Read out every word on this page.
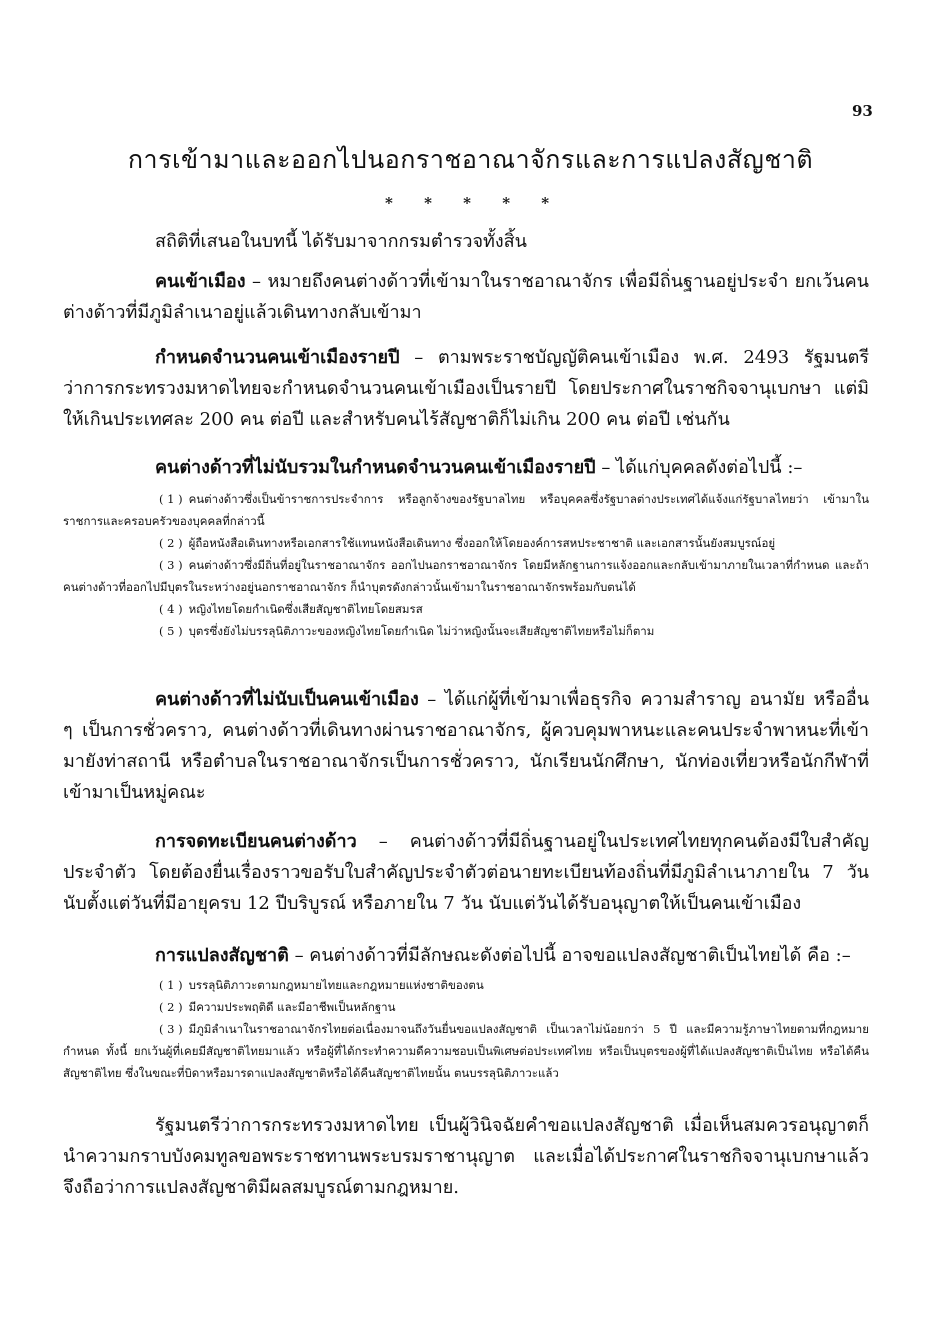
93
การเข้ามาและออกไปนอกราชอาณาจักรและการแปลงสัญชาติ
* * * * *

สถิติที่เสนอในบทนี้ ได้รับมาจากกรมตำรวจทั้งสิ้น

คนเข้าเมือง – หมายถึงคนต่างด้าวที่เข้ามาในราชอาณาจักร เพื่อมีถิ่นฐานอยู่ประจำ ยกเว้นคนต่างด้าวที่มีภูมิลำเนาอยู่แล้วเดินทางกลับเข้ามา

กำหนดจำนวนคนเข้าเมืองรายปี – ตามพระราชบัญญัติคนเข้าเมือง พ.ศ. 2493 รัฐมนตรีว่าการกระทรวงมหาดไทยจะกำหนดจำนวนคนเข้าเมืองเป็นรายปี โดยประกาศในราชกิจจานุเบกษา แต่มิให้เกินประเทศละ 200 คน ต่อปี และสำหรับคนไร้สัญชาติก็ไม่เกิน 200 คน ต่อปี เช่นกัน

คนต่างด้าวที่ไม่นับรวมในกำหนดจำนวนคนเข้าเมืองรายปี – ได้แก่บุคคลดังต่อไปนี้ :–

( 1 ) คนต่างด้าวซึ่งเป็นข้าราชการประจำการ หรือลูกจ้างของรัฐบาลไทย หรือบุคคลซึ่งรัฐบาลต่างประเทศได้แจ้งแก่รัฐบาลไทยว่า เข้ามาในราชการและครอบครัวของบุคคลที่กล่าวนี้

( 2 ) ผู้ถือหนังสือเดินทางหรือเอกสารใช้แทนหนังสือเดินทาง ซึ่งออกให้โดยองค์การสหประชาชาติ และเอกสารนั้นยังสมบูรณ์อยู่

( 3 ) คนต่างด้าวซึ่งมีถิ่นที่อยู่ในราชอาณาจักร ออกไปนอกราชอาณาจักร โดยมีหลักฐานการแจ้งออกและกลับเข้ามาภายในเวลาที่กำหนด และถ้าคนต่างด้าวที่ออกไปมีบุตรในระหว่างอยู่นอกราชอาณาจักร ก็นำบุตรดังกล่าวนั้นเข้ามาในราชอาณาจักรพร้อมกับตนได้

( 4 ) หญิงไทยโดยกำเนิดซึ่งเสียสัญชาติไทยโดยสมรส

( 5 ) บุตรซึ่งยังไม่บรรลุนิติภาวะของหญิงไทยโดยกำเนิด ไม่ว่าหญิงนั้นจะเสียสัญชาติไทยหรือไม่ก็ตาม

คนต่างด้าวที่ไม่นับเป็นคนเข้าเมือง – ได้แก่ผู้ที่เข้ามาเพื่อธุรกิจ ความสำราญ อนามัย หรืออื่น ๆ เป็นการชั่วคราว, คนต่างด้าวที่เดินทางผ่านราชอาณาจักร, ผู้ควบคุมพาหนะและคนประจำพาหนะที่เข้ามายังท่าสถานี หรือตำบลในราชอาณาจักรเป็นการชั่วคราว, นักเรียนนักศึกษา, นักท่องเที่ยวหรือนักกีฬาที่เข้ามาเป็นหมู่คณะ

การจดทะเบียนคนต่างด้าว – คนต่างด้าวที่มีถิ่นฐานอยู่ในประเทศไทยทุกคนต้องมีใบสำคัญประจำตัว โดยต้องยื่นเรื่องราวขอรับใบสำคัญประจำตัวต่อนายทะเบียนท้องถิ่นที่มีภูมิลำเนาภายใน 7 วัน นับตั้งแต่วันที่มีอายุครบ 12 ปีบริบูรณ์ หรือภายใน 7 วัน นับแต่วันได้รับอนุญาตให้เป็นคนเข้าเมือง

การแปลงสัญชาติ – คนต่างด้าวที่มีลักษณะดังต่อไปนี้ อาจขอแปลงสัญชาติเป็นไทยได้ คือ :–

( 1 ) บรรลุนิติภาวะตามกฎหมายไทยและกฎหมายแห่งชาติของตน

( 2 ) มีความประพฤติดี และมีอาชีพเป็นหลักฐาน

( 3 ) มีภูมิลำเนาในราชอาณาจักรไทยต่อเนื่องมาจนถึงวันยื่นขอแปลงสัญชาติ เป็นเวลาไม่น้อยกว่า 5 ปี และมีความรู้ภาษาไทยตามที่กฎหมายกำหนด ทั้งนี้ ยกเว้นผู้ที่เคยมีสัญชาติไทยมาแล้ว หรือผู้ที่ได้กระทำความดีความชอบเป็นพิเศษต่อประเทศไทย หรือเป็นบุตรของผู้ที่ได้แปลงสัญชาติเป็นไทย หรือได้คืนสัญชาติไทย ซึ่งในขณะที่บิดาหรือมารดาแปลงสัญชาติหรือได้คืนสัญชาติไทยนั้น ตนบรรลุนิติภาวะแล้ว

รัฐมนตรีว่าการกระทรวงมหาดไทย เป็นผู้วินิจฉัยคำขอแปลงสัญชาติ เมื่อเห็นสมควรอนุญาตก็นำความกราบบังคมทูลขอพระราชทานพระบรมราชานุญาต และเมื่อได้ประกาศในราชกิจจานุเบกษาแล้วจึงถือว่าการแปลงสัญชาติมีผลสมบูรณ์ตามกฎหมาย.
